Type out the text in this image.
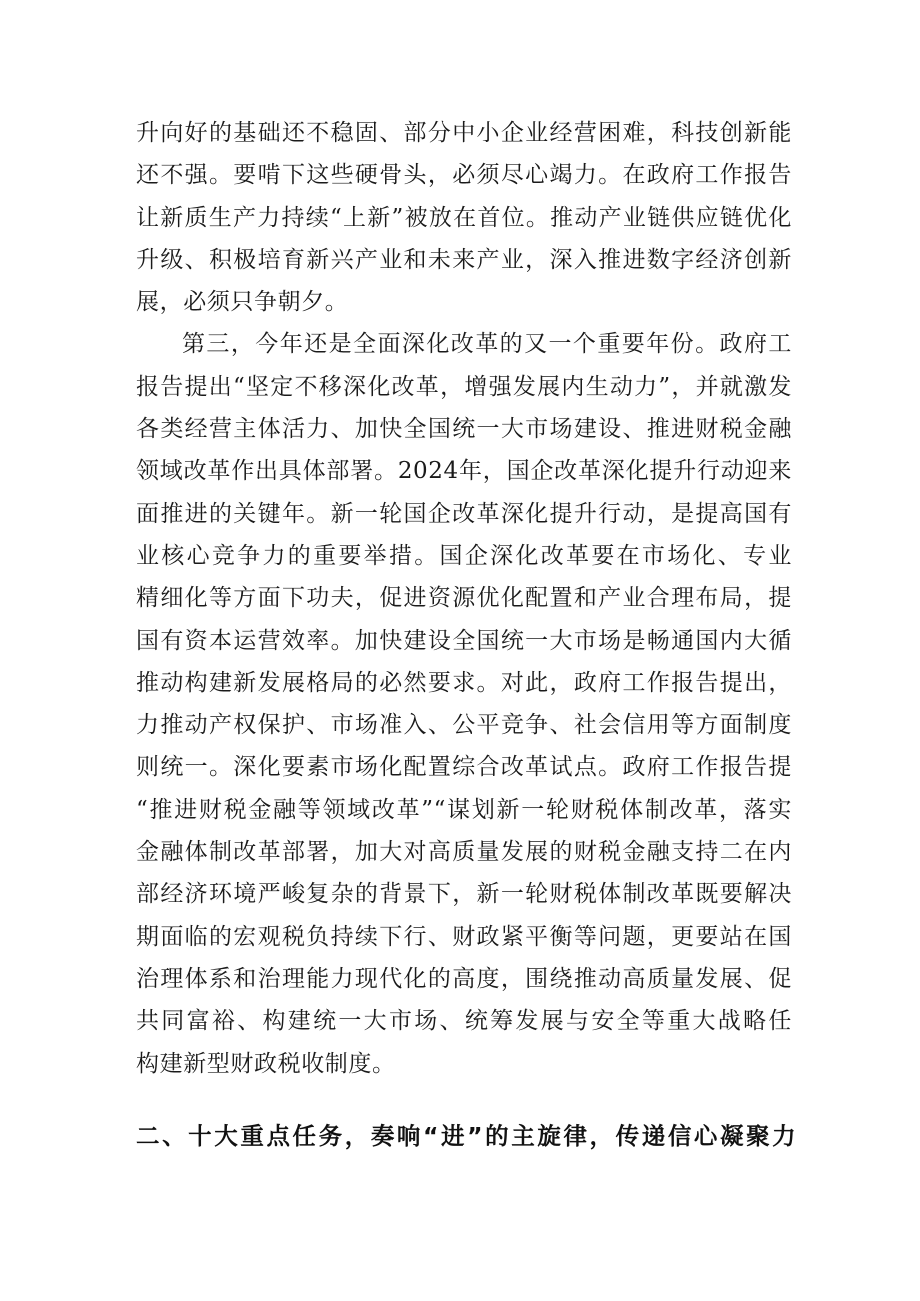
升向好的基础还不稳固、部分中小企业经营困难，科技创新能
还不强。要啃下这些硬骨头，必须尽心竭力。在政府工作报告
让新质生产力持续“上新”被放在首位。推动产业链供应链优化
升级、积极培育新兴产业和未来产业，深入推进数字经济创新
展，必须只争朝夕。
第三，今年还是全面深化改革的又一个重要年份。政府工
报告提出“坚定不移深化改革，增强发展内生动力”，并就激发
各类经营主体活力、加快全国统一大市场建设、推进财税金融
领域改革作出具体部署。2024年，国企改革深化提升行动迎来
面推进的关键年。新一轮国企改革深化提升行动，是提高国有
业核心竞争力的重要举措。国企深化改革要在市场化、专业
精细化等方面下功夫，促进资源优化配置和产业合理布局，提
国有资本运营效率。加快建设全国统一大市场是畅通国内大循
推动构建新发展格局的必然要求。对此，政府工作报告提出，
力推动产权保护、市场准入、公平竞争、社会信用等方面制度
则统一。深化要素市场化配置综合改革试点。政府工作报告提
“推进财税金融等领域改革”“谋划新一轮财税体制改革，落实
金融体制改革部署，加大对高质量发展的财税金融支持二在内
部经济环境严峻复杂的背景下，新一轮财税体制改革既要解决
期面临的宏观税负持续下行、财政紧平衡等问题，更要站在国
治理体系和治理能力现代化的高度，围绕推动高质量发展、促
共同富裕、构建统一大市场、统筹发展与安全等重大战略任
构建新型财政税收制度。
二、十大重点任务，奏响“进”的主旋律，传递信心凝聚力
